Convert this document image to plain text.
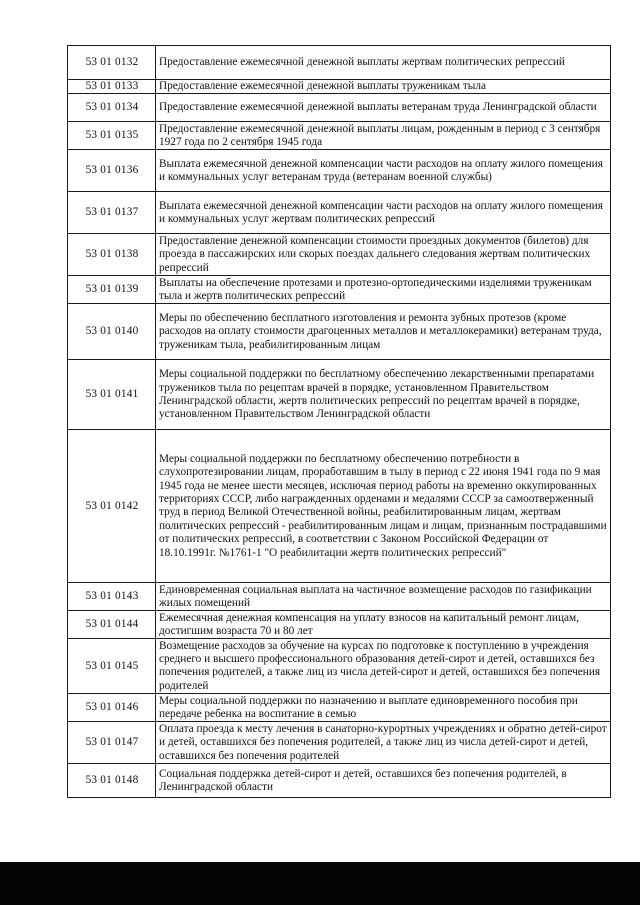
53 01 0132	Предоставление ежемесячной денежной выплаты жертвам политических репрессий
53 01 0133	Предоставление ежемесячной денежной выплаты труженикам тыла
53 01 0134	Предоставление ежемесячной денежной выплаты ветеранам труда Ленинградской области
53 01 0135	Предоставление ежемесячной денежной выплаты лицам, рожденным в период с 3 сентября 1927 года по 2 сентября 1945 года
53 01 0136	Выплата ежемесячной денежной компенсации части расходов на оплату жилого помещения и коммунальных услуг ветеранам труда (ветеранам военной службы)
53 01 0137	Выплата ежемесячной денежной компенсации части расходов на оплату жилого помещения и коммунальных услуг жертвам политических репрессий
53 01 0138	Предоставление денежной компенсации стоимости проездных документов (билетов) для проезда в пассажирских или скорых поездах дальнего следования жертвам политических репрессий
53 01 0139	Выплаты на обеспечение протезами и протезно-ортопедическими изделиями труженикам тыла и жертв политических репрессий
53 01 0140	Меры по обеспечению бесплатного изготовления и ремонта зубных протезов (кроме расходов на оплату стоимости драгоценных металлов и металлокерамики) ветеранам труда, труженикам тыла, реабилитированным лицам
53 01 0141	Меры социальной поддержки по бесплатному обеспечению лекарственными препаратами тружеников тыла по рецептам врачей в порядке, установленном Правительством Ленинградской области, жертв политических репрессий по рецептам врачей в порядке, установленном Правительством Ленинградской области
53 01 0142	Меры социальной поддержки по бесплатному обеспечению потребности в слухопротезировании лицам, проработавшим в тылу в период с 22 июня 1941 года по 9 мая 1945 года не менее шести месяцев, исключая период работы на временно оккупированных территориях СССР, либо награжденных орденами и медалями СССР за самоотверженный труд в период Великой Отечественной войны, реабилитированным лицам, жертвам политических репрессий - реабилитированным лицам и лицам, признанным пострадавшими от политических репрессий, в соответствии с Законом Российской Федерации от 18.10.1991г. №1761-1 "О реабилитации жертв политических репрессий"
53 01 0143	Единовременная социальная выплата на частичное возмещение расходов по газификации жилых помещений
53 01 0144	Ежемесячная денежная компенсация на уплату взносов на капитальный ремонт лицам, достигшим возраста 70 и 80 лет
53 01 0145	Возмещение расходов за обучение на курсах по подготовке к поступлению в учреждения среднего и высшего профессионального образования детей-сирот и детей, оставшихся без попечения родителей, а также лиц из числа детей-сирот и детей, оставшихся без попечения родителей
53 01 0146	Меры социальной поддержки по назначению и выплате единовременного пособия при передаче ребенка на воспитание в семью
53 01 0147	Оплата проезда к месту лечения в санаторно-курортных учреждениях и обратно детей-сирот и детей, оставшихся без попечения родителей, а также лиц из числа детей-сирот и детей, оставшихся без попечения родителей
53 01 0148	Социальная поддержка детей-сирот и детей, оставшихся без попечения родителей, в Ленинградской области
